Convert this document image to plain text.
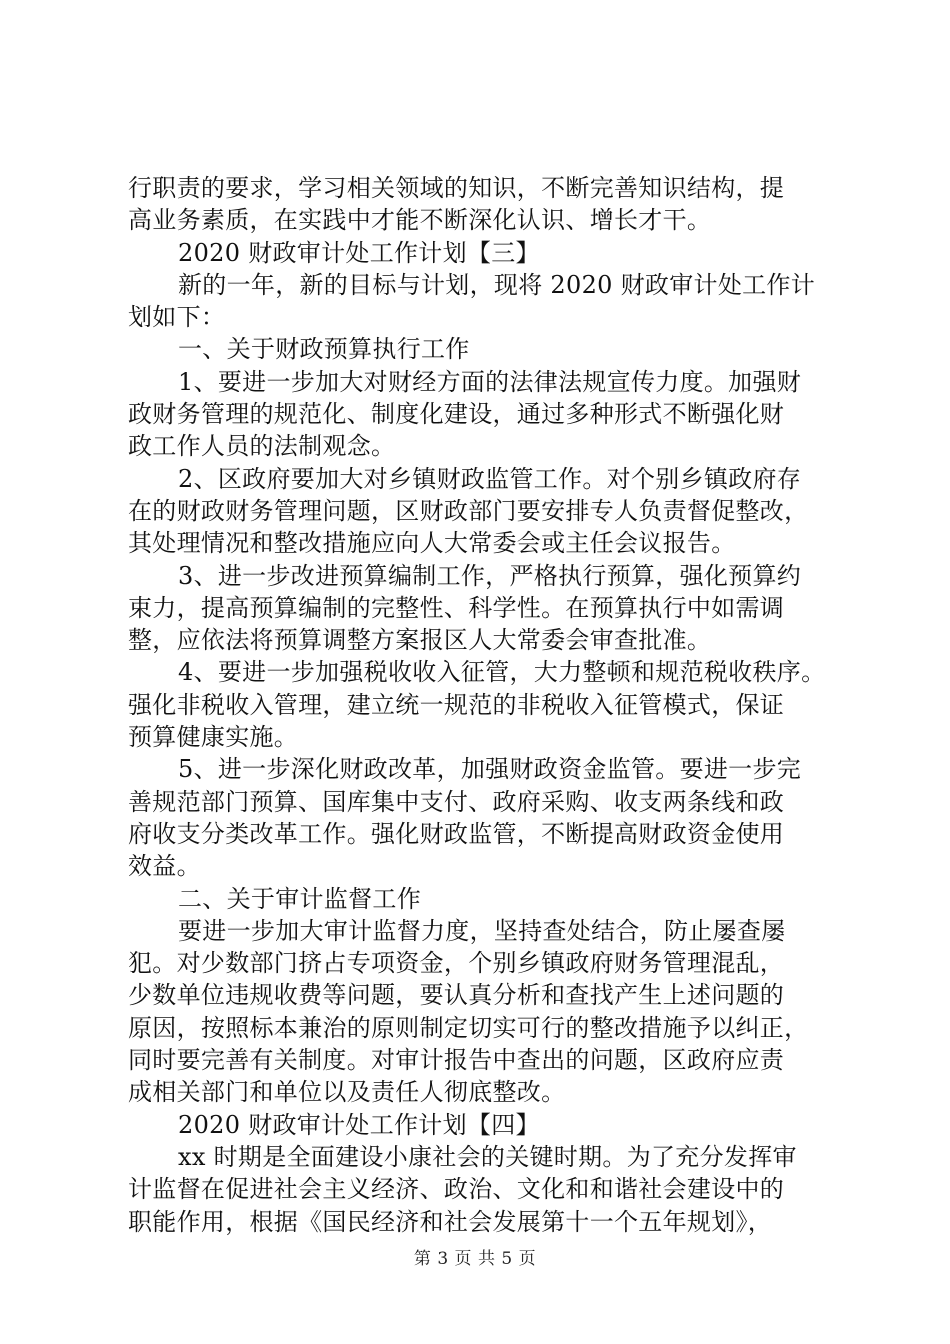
行职责的要求，学习相关领域的知识，不断完善知识结构，提
高业务素质，在实践中才能不断深化认识、增长才干。
2020 财政审计处工作计划【三】
新的一年，新的目标与计划，现将 2020 财政审计处工作计
划如下：
一、关于财政预算执行工作
1、要进一步加大对财经方面的法律法规宣传力度。加强财
政财务管理的规范化、制度化建设，通过多种形式不断强化财
政工作人员的法制观念。
2、区政府要加大对乡镇财政监管工作。对个别乡镇政府存
在的财政财务管理问题，区财政部门要安排专人负责督促整改，
其处理情况和整改措施应向人大常委会或主任会议报告。
3、进一步改进预算编制工作，严格执行预算，强化预算约
束力，提高预算编制的完整性、科学性。在预算执行中如需调
整，应依法将预算调整方案报区人大常委会审查批准。
4、要进一步加强税收收入征管，大力整顿和规范税收秩序。
强化非税收入管理，建立统一规范的非税收入征管模式，保证
预算健康实施。
5、进一步深化财政改革，加强财政资金监管。要进一步完
善规范部门预算、国库集中支付、政府采购、收支两条线和政
府收支分类改革工作。强化财政监管，不断提高财政资金使用
效益。
二、关于审计监督工作
要进一步加大审计监督力度，坚持查处结合，防止屡查屡
犯。对少数部门挤占专项资金，个别乡镇政府财务管理混乱，
少数单位违规收费等问题，要认真分析和查找产生上述问题的
原因，按照标本兼治的原则制定切实可行的整改措施予以纠正，
同时要完善有关制度。对审计报告中查出的问题，区政府应责
成相关部门和单位以及责任人彻底整改。
2020 财政审计处工作计划【四】
xx 时期是全面建设小康社会的关键时期。为了充分发挥审
计监督在促进社会主义经济、政治、文化和和谐社会建设中的
职能作用，根据《国民经济和社会发展第十一个五年规划》，
第 3 页 共 5 页
